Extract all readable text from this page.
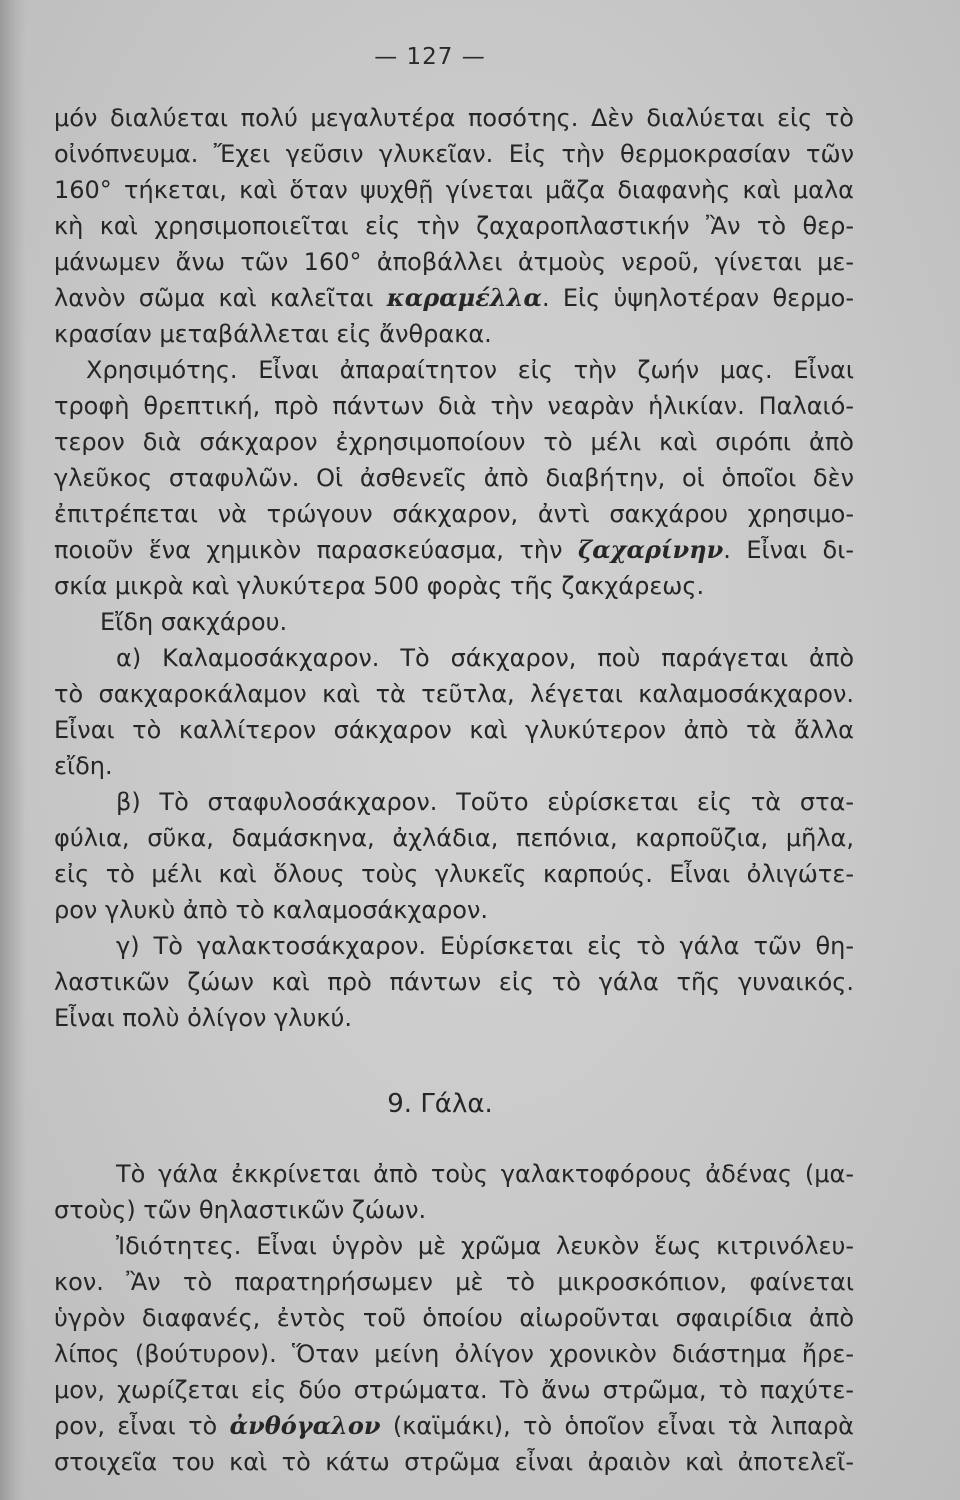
— 127 —
μόν διαλύεται πολύ μεγαλυτέρα ποσότης. Δὲν διαλύεται εἰς τὸ
οἰνόπνευμα. Ἔχει γεῦσιν γλυκεῖαν. Εἰς τὴν θερμοκρασίαν τῶν
160° τήκεται, καὶ ὅταν ψυχθῇ γίνεται μᾶζα διαφανὴς καὶ μαλα
κὴ καὶ χρησιμοποιεῖται εἰς τὴν ζαχαροπλαστικήν Ἂν τὸ θερ-
μάνωμεν ἄνω τῶν 160° ἀποβάλλει ἀτμοὺς νεροῦ, γίνεται με-
λανὸν σῶμα καὶ καλεῖται καραμέλλα. Εἰς ὑψηλοτέραν θερμο-
κρασίαν μεταβάλλεται εἰς ἄνθρακα.
Χρησιμότης. Εἶναι ἀπαραίτητον εἰς τὴν ζωήν μας. Εἶναι
τροφὴ θρεπτική, πρὸ πάντων διὰ τὴν νεαρὰν ἡλικίαν. Παλαιό-
τερον διὰ σάκχαρον ἐχρησιμοποίουν τὸ μέλι καὶ σιρόπι ἀπὸ
γλεῦκος σταφυλῶν. Οἱ ἀσθενεῖς ἀπὸ διαβήτην, οἱ ὁποῖοι δὲν
ἐπιτρέπεται νὰ τρώγουν σάκχαρον, ἀντὶ σακχάρου χρησιμο-
ποιοῦν ἕνα χημικὸν παρασκεύασμα, τὴν ζαχαρίνην. Εἶναι δι-
σκία μικρὰ καὶ γλυκύτερα 500 φορὰς τῆς ζακχάρεως.
Εἴδη σακχάρου.
α) Καλαμοσάκχαρον. Τὸ σάκχαρον, ποὺ παράγεται ἀπὸ
τὸ σακχαροκάλαμον καὶ τὰ τεῦτλα, λέγεται καλαμοσάκχαρον.
Εἶναι τὸ καλλίτερον σάκχαρον καὶ γλυκύτερον ἀπὸ τὰ ἄλλα
εἴδη.
β) Τὸ σταφυλοσάκχαρον. Τοῦτο εὑρίσκεται εἰς τὰ στα-
φύλια, σῦκα, δαμάσκηνα, ἀχλάδια, πεπόνια, καρποῦζια, μῆλα,
εἰς τὸ μέλι καὶ ὅλους τοὺς γλυκεῖς καρπούς. Εἶναι ὀλιγώτε-
ρον γλυκὺ ἀπὸ τὸ καλαμοσάκχαρον.
γ) Τὸ γαλακτοσάκχαρον. Εὑρίσκεται εἰς τὸ γάλα τῶν θη-
λαστικῶν ζώων καὶ πρὸ πάντων εἰς τὸ γάλα τῆς γυναικός.
Εἶναι πολὺ ὀλίγον γλυκύ.
9. Γάλα.
Τὸ γάλα ἐκκρίνεται ἀπὸ τοὺς γαλακτοφόρους ἀδένας (μα-
στοὺς) τῶν θηλαστικῶν ζώων.
Ἰδιότητες. Εἶναι ὑγρὸν μὲ χρῶμα λευκὸν ἕως κιτρινόλευ-
κον. Ἂν τὸ παρατηρήσωμεν μὲ τὸ μικροσκόπιον, φαίνεται
ὑγρὸν διαφανές, ἐντὸς τοῦ ὁποίου αἰωροῦνται σφαιρίδια ἀπὸ
λίπος (βούτυρον). Ὅταν μείνη ὀλίγον χρονικὸν διάστημα ἤρε-
μον, χωρίζεται εἰς δύο στρώματα. Τὸ ἄνω στρῶμα, τὸ παχύτε-
ρον, εἶναι τὸ ἀνθόγαλον (καϊμάκι), τὸ ὁποῖον εἶναι τὰ λιπαρὰ
στοιχεῖα του καὶ τὸ κάτω στρῶμα εἶναι ἀραιὸν καὶ ἀποτελεῖ-
